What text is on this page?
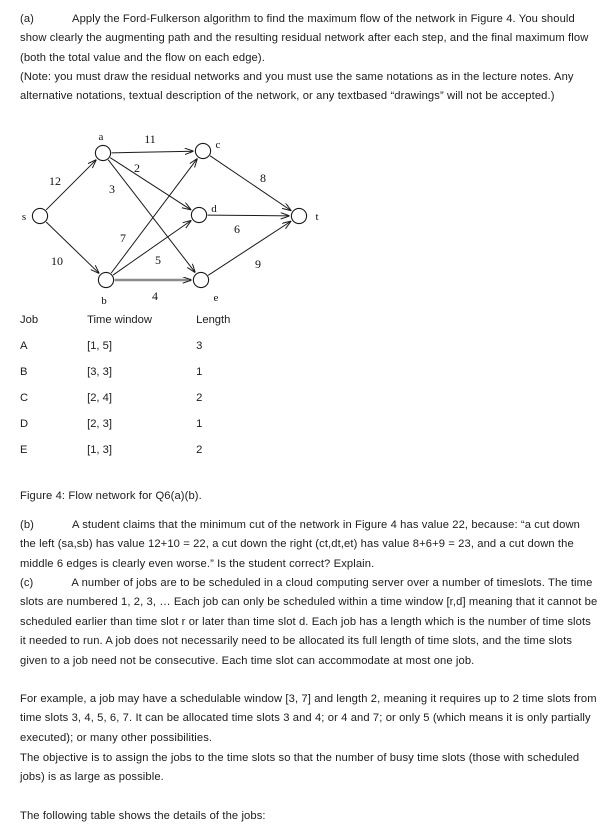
(a)	Apply the Ford-Fulkerson algorithm to find the maximum flow of the network in Figure 4. You should show clearly the augmenting path and the resulting residual network after each step, and the final maximum flow (both the total value and the flow on each edge).
(Note: you must draw the residual networks and you must use the same notations as in the lecture notes. Any alternative notations, textual description of the network, or any textbased “drawings” will not be accepted.)
s
a
b
c
d
e
t
12
10
11
2
3
7
5
4
8
6
9
Job	Time window	Length
A	[1, 5]	3
B	[3, 3]	1
C	[2, 4]	2
D	[2, 3]	1
E	[1, 3]	2
Figure 4: Flow network for Q6(a)(b).
(b)	A student claims that the minimum cut of the network in Figure 4 has value 22, because: “a cut down the left (sa,sb) has value 12+10 = 22, a cut down the right (ct,dt,et) has value 8+6+9 = 23, and a cut down the middle 6 edges is clearly even worse.” Is the student correct? Explain.
(c)	A number of jobs are to be scheduled in a cloud computing server over a number of timeslots. The time slots are numbered 1, 2, 3, … Each job can only be scheduled within a time window [r,d] meaning that it cannot be scheduled earlier than time slot r or later than time slot d. Each job has a length which is the number of time slots it needed to run. A job does not necessarily need to be allocated its full length of time slots, and the time slots given to a job need not be consecutive. Each time slot can accommodate at most one job.
For example, a job may have a schedulable window [3, 7] and length 2, meaning it requires up to 2 time slots from time slots 3, 4, 5, 6, 7. It can be allocated time slots 3 and 4; or 4 and 7; or only 5 (which means it is only partially executed); or many other possibilities.
The objective is to assign the jobs to the time slots so that the number of busy time slots (those with scheduled jobs) is as large as possible.
The following table shows the details of the jobs:
